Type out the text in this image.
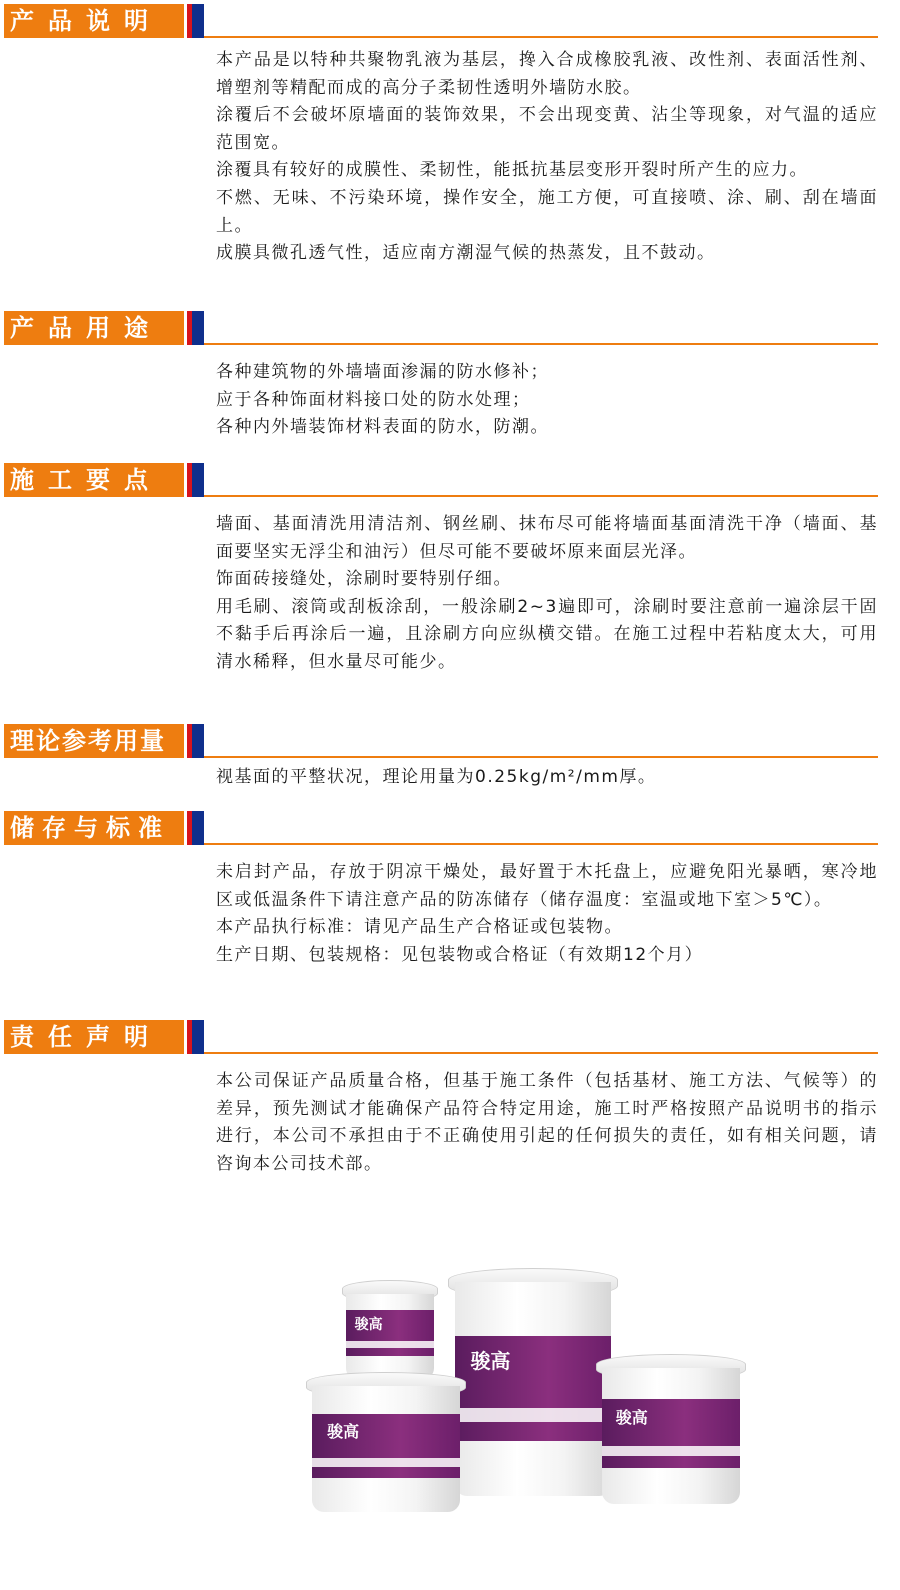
产品说明

本产品是以特种共聚物乳液为基层，搀入合成橡胶乳液、改性剂、表面活性剂、增塑剂等精配而成的高分子柔韧性透明外墙防水胶。

涂覆后不会破坏原墙面的装饰效果，不会出现变黄、沾尘等现象，对气温的适应范围宽。

涂覆具有较好的成膜性、柔韧性，能抵抗基层变形开裂时所产生的应力。

不燃、无味、不污染环境，操作安全，施工方便，可直接喷、涂、刷、刮在墙面上。

成膜具微孔透气性，适应南方潮湿气候的热蒸发，且不鼓动。

产品用途

各种建筑物的外墙墙面渗漏的防水修补；

应于各种饰面材料接口处的防水处理；

各种内外墙装饰材料表面的防水，防潮。

施工要点

墙面、基面清洗用清洁剂、钢丝刷、抹布尽可能将墙面基面清洗干净（墙面、基面要坚实无浮尘和油污）但尽可能不要破坏原来面层光泽。

饰面砖接缝处，涂刷时要特别仔细。

用毛刷、滚筒或刮板涂刮，一般涂刷2~3遍即可，涂刷时要注意前一遍涂层干固不黏手后再涂后一遍，且涂刷方向应纵横交错。在施工过程中若粘度太大，可用清水稀释，但水量尽可能少。

理论参考用量

视基面的平整状况，理论用量为0.25kg/m²/mm厚。

储存与标准

未启封产品，存放于阴凉干燥处，最好置于木托盘上，应避免阳光暴晒，寒冷地区或低温条件下请注意产品的防冻储存（储存温度：室温或地下室＞5℃）。

本产品执行标准：请见产品生产合格证或包装物。

生产日期、包装规格：见包装物或合格证（有效期12个月）

责任声明

本公司保证产品质量合格，但基于施工条件（包括基材、施工方法、气候等）的差异，预先测试才能确保产品符合特定用途，施工时严格按照产品说明书的指示进行，本公司不承担由于不正确使用引起的任何损失的责任，如有相关问题，请咨询本公司技术部。

骏高
骏高
骏高
骏高
